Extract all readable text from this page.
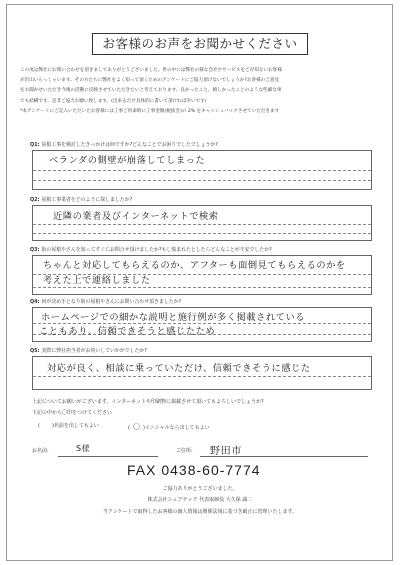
お客様のお声をお聞かせください
この度は弊社にお問い合わせを頂きましてありがとうございました。世の中には弊社の様な会社やサービスをご存知ないお客様
が沢山いらっしゃいます。その方たちに弊社をよく知って頂くためのアンケートにご協力頂けないでしょうか?お客様のご意見
をお聞かせいただき今後の活動に反映させていただきたいと考えております。良かったこと、嬉しかったことのような些細な事
でも結構です。是非ご協力お願い致します。(出来るだけ具体的に書いて頂ければ幸いです)
*本アンケートにご記入いただいたお客様には工事ご用命時に工事金額(税抜き)の 2% をキャッシュバックさせていただきます
Q1: 屋根工事を検討したきっかけは何ですか?どんなことでお困りでしたでしょうか?
ベランダの側壁が崩落してしまった
Q2: 屋根工事業者をどのように探しましたか?
近隣の業者及びインターネットで検索
Q3: 街の屋根やさんを知ってすぐにお問合せ頂けましたか?もし悩まれたとしたらどんなことが不安でしたか?
ちゃんと対応してもらえるのか、アフターも面倒見てもらえるのかを
考えた上で連絡しました
Q4: 何が決め手となり街の屋根やさんにお問い合わせ頂きましたか?
ホームページでの細かな説明と施行例が多く掲載されている
こともあり、信頼できそうと感じたため
Q5: 実際に弊社担当者がお伺いしていかがでしたか?
対応が良く、相談に乗っていただけ、信頼できそうに感じた
上記についてお願いがございます。インターネットや印刷物に掲載させて頂いてもよろしいでしょうか?
下記の中から〇印をつけてください
( )名前を出してもよい	( 〇 )イニシャルなら出してもよい
お名前:	S様	ご住所: 野田市
FAX 0438-60-7774
ご協力ありがとうございました。
株式会社シェアテック 代表取締役 大久保 誠二
当アンケートで取得したお客様の個人情報は関係法規に基づき厳正に管理いたします。
